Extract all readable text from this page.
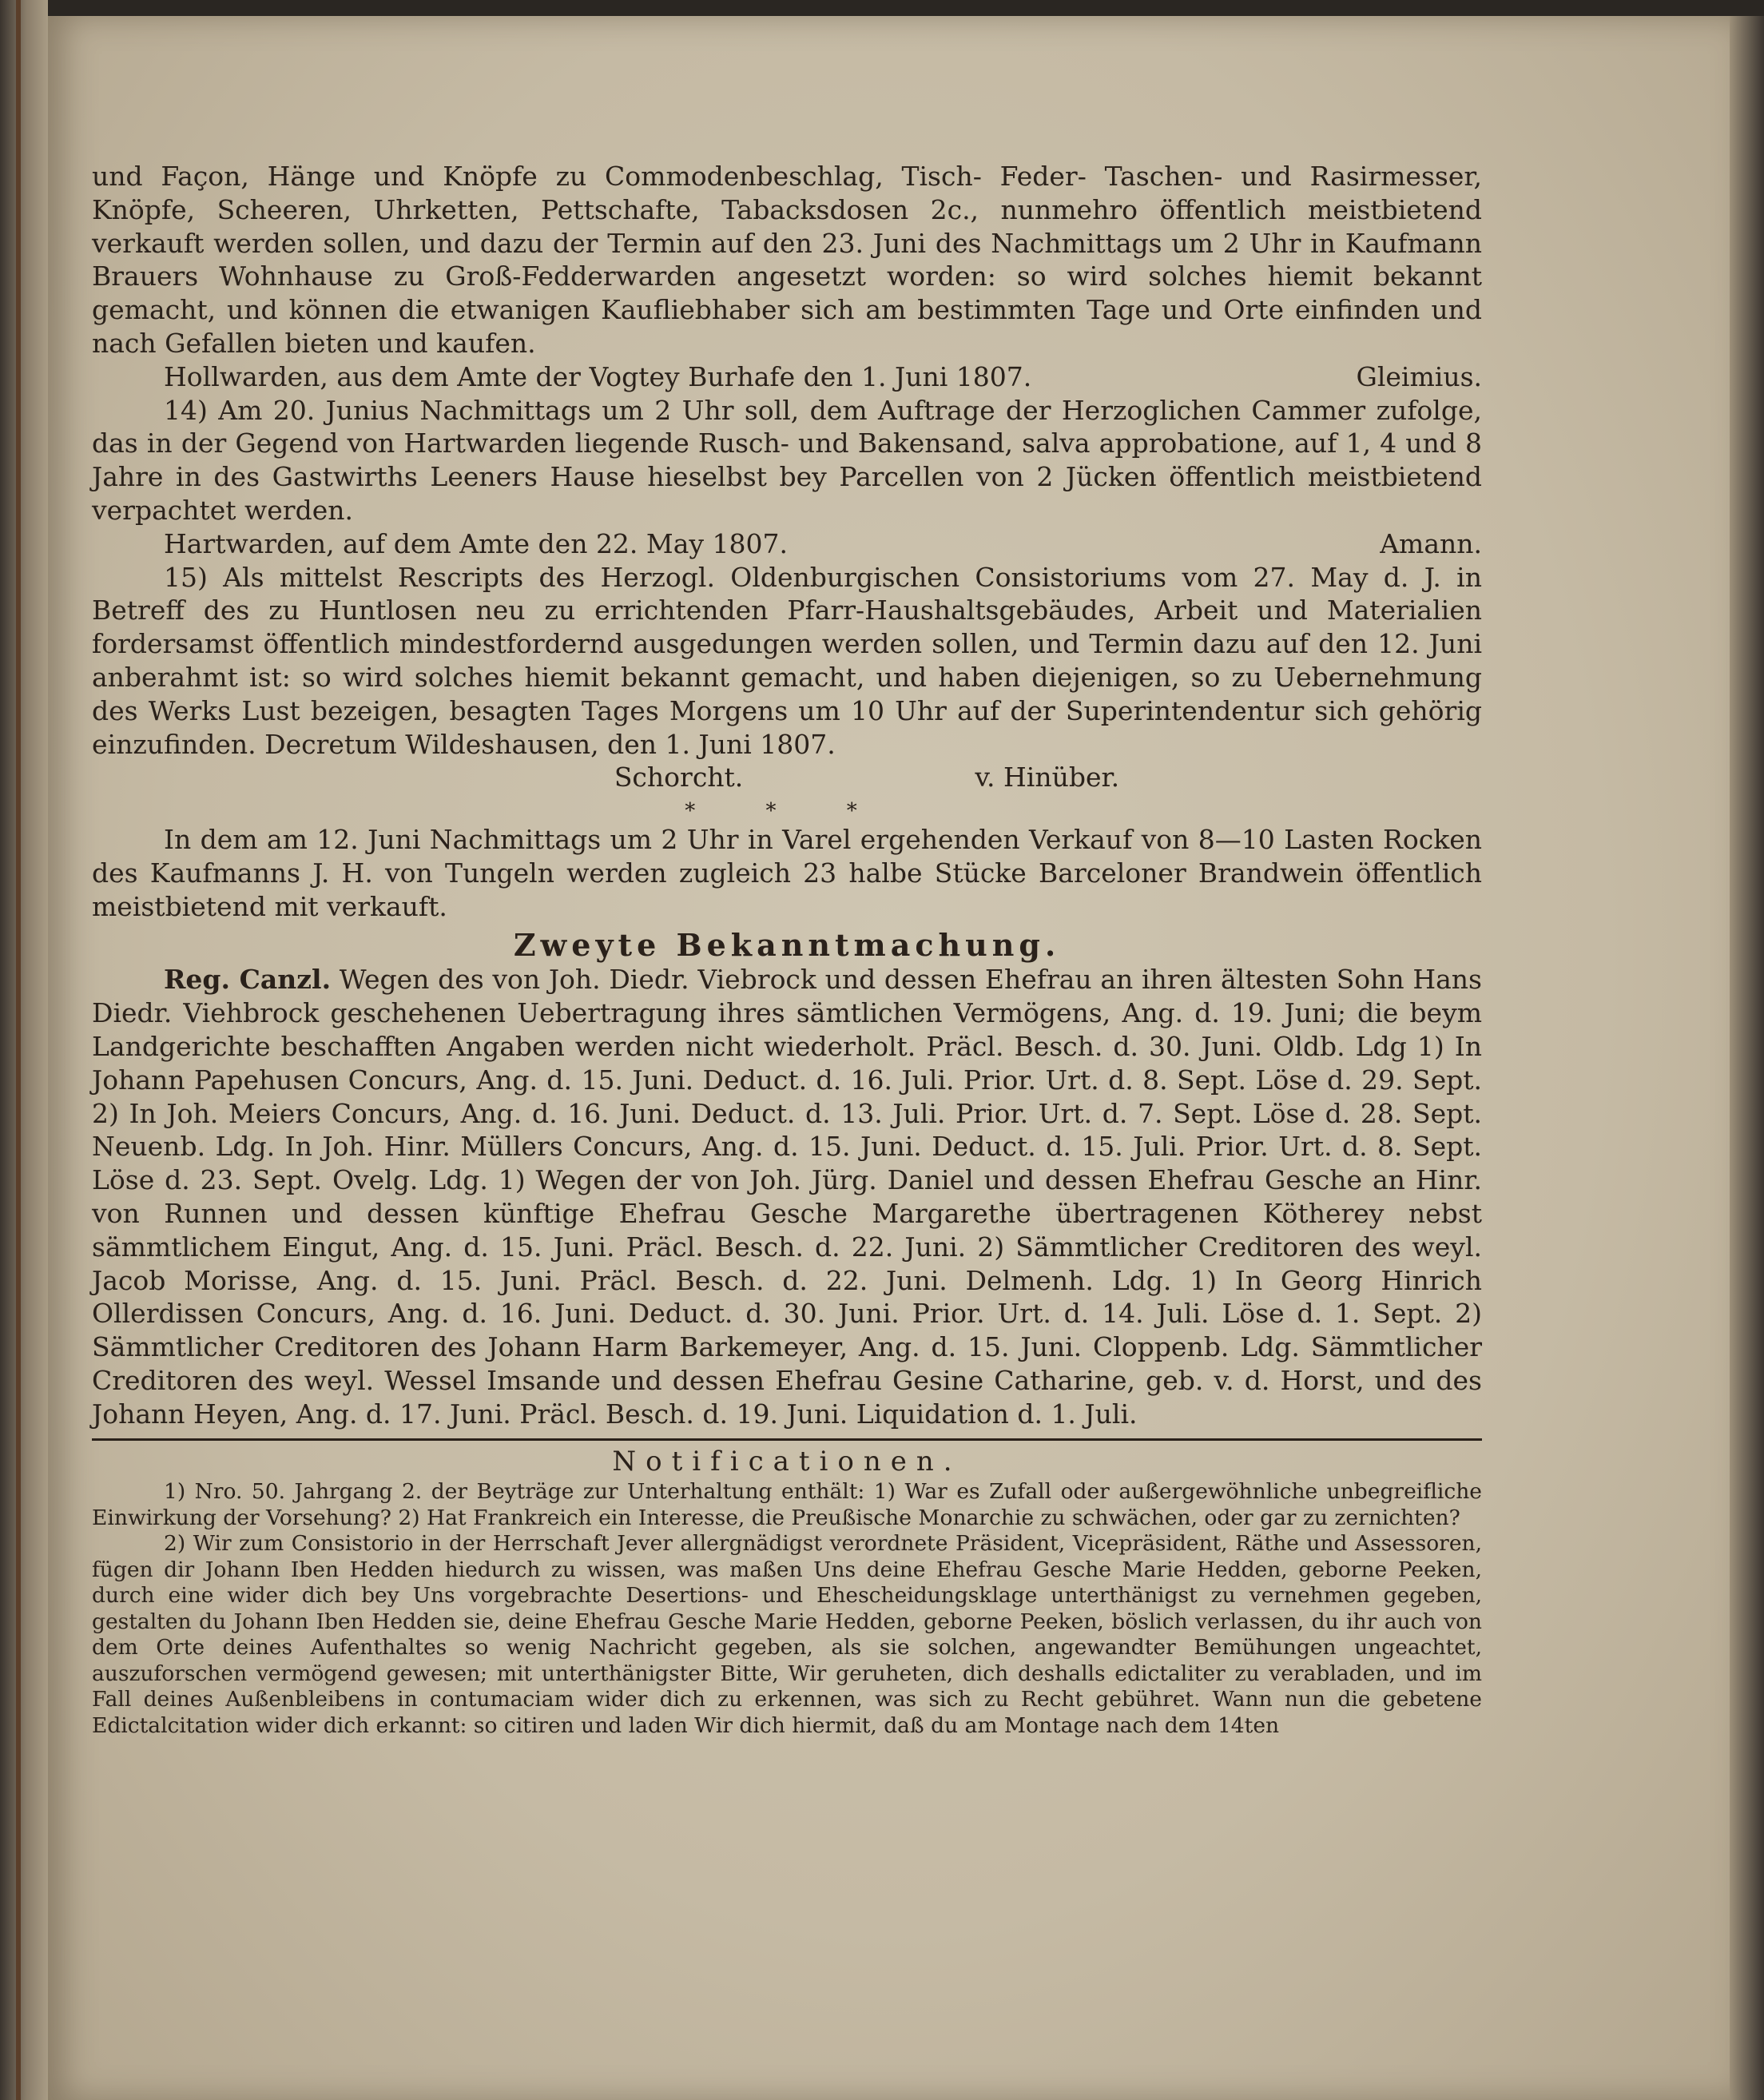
und Façon, Hänge und Knöpfe zu Commodenbeschlag, Tisch- Feder- Taschen- und Rasirmesser, Knöpfe, Scheeren, Uhrketten, Pettschafte, Tabacksdosen 2c., nunmehro öffentlich meistbietend verkauft werden sollen, und dazu der Termin auf den 23. Juni des Nachmittags um 2 Uhr in Kaufmann Brauers Wohnhause zu Groß-Fedderwarden angesetzt worden: so wird solches hiemit bekannt gemacht, und können die etwanigen Kaufliebhaber sich am bestimmten Tage und Orte einfinden und nach Gefallen bieten und kaufen.

Hollwarden, aus dem Amte der Vogtey Burhafe den 1. Juni 1807.	Gleimius.

14) Am 20. Junius Nachmittags um 2 Uhr soll, dem Auftrage der Herzoglichen Cammer zufolge, das in der Gegend von Hartwarden liegende Rusch- und Bakensand, salva approbatione, auf 1, 4 und 8 Jahre in des Gastwirths Leeners Hause hieselbst bey Parcellen von 2 Jücken öffentlich meistbietend verpachtet werden.

Hartwarden, auf dem Amte den 22. May 1807.	Amann.

15) Als mittelst Rescripts des Herzogl. Oldenburgischen Consistoriums vom 27. May d. J. in Betreff des zu Huntlosen neu zu errichtenden Pfarr-Haushaltsgebäudes, Arbeit und Materialien fordersamst öffentlich mindestfordernd ausgedungen werden sollen, und Termin dazu auf den 12. Juni anberahmt ist: so wird solches hiemit bekannt gemacht, und haben diejenigen, so zu Uebernehmung des Werks Lust bezeigen, besagten Tages Morgens um 10 Uhr auf der Superintendentur sich gehörig einzufinden. Decretum Wildeshausen, den 1. Juni 1807.

Schorcht.	v. Hinüber.

* * *

In dem am 12. Juni Nachmittags um 2 Uhr in Varel ergehenden Verkauf von 8—10 Lasten Rocken des Kaufmanns J. H. von Tungeln werden zugleich 23 halbe Stücke Barceloner Brandwein öffentlich meistbietend mit verkauft.

Zweyte Bekanntmachung.

Reg. Canzl. Wegen des von Joh. Diedr. Viebrock und dessen Ehefrau an ihren ältesten Sohn Hans Diedr. Viehbrock geschehenen Uebertragung ihres sämtlichen Vermögens, Ang. d. 19. Juni; die beym Landgerichte beschafften Angaben werden nicht wiederholt. Präcl. Besch. d. 30. Juni. Oldb. Ldg 1) In Johann Papehusen Concurs, Ang. d. 15. Juni. Deduct. d. 16. Juli. Prior. Urt. d. 8. Sept. Löse d. 29. Sept. 2) In Joh. Meiers Concurs, Ang. d. 16. Juni. Deduct. d. 13. Juli. Prior. Urt. d. 7. Sept. Löse d. 28. Sept. Neuenb. Ldg. In Joh. Hinr. Müllers Concurs, Ang. d. 15. Juni. Deduct. d. 15. Juli. Prior. Urt. d. 8. Sept. Löse d. 23. Sept. Ovelg. Ldg. 1) Wegen der von Joh. Jürg. Daniel und dessen Ehefrau Gesche an Hinr. von Runnen und dessen künftige Ehefrau Gesche Margarethe übertragenen Kötherey nebst sämmtlichem Eingut, Ang. d. 15. Juni. Präcl. Besch. d. 22. Juni. 2) Sämmtlicher Creditoren des weyl. Jacob Morisse, Ang. d. 15. Juni. Präcl. Besch. d. 22. Juni. Delmenh. Ldg. 1) In Georg Hinrich Ollerdissen Concurs, Ang. d. 16. Juni. Deduct. d. 30. Juni. Prior. Urt. d. 14. Juli. Löse d. 1. Sept. 2) Sämmtlicher Creditoren des Johann Harm Barkemeyer, Ang. d. 15. Juni. Cloppenb. Ldg. Sämmtlicher Creditoren des weyl. Wessel Imsande und dessen Ehefrau Gesine Catharine, geb. v. d. Horst, und des Johann Heyen, Ang. d. 17. Juni. Präcl. Besch. d. 19. Juni. Liquidation d. 1. Juli.

Notificationen.

1) Nro. 50. Jahrgang 2. der Beyträge zur Unterhaltung enthält: 1) War es Zufall oder außergewöhnliche unbegreifliche Einwirkung der Vorsehung? 2) Hat Frankreich ein Interesse, die Preußische Monarchie zu schwächen, oder gar zu zernichten?

2) Wir zum Consistorio in der Herrschaft Jever allergnädigst verordnete Präsident, Vicepräsident, Räthe und Assessoren, fügen dir Johann Iben Hedden hiedurch zu wissen, was maßen Uns deine Ehefrau Gesche Marie Hedden, geborne Peeken, durch eine wider dich bey Uns vorgebrachte Desertions- und Ehescheidungsklage unterthänigst zu vernehmen gegeben, gestalten du Johann Iben Hedden sie, deine Ehefrau Gesche Marie Hedden, geborne Peeken, böslich verlassen, du ihr auch von dem Orte deines Aufenthaltes so wenig Nachricht gegeben, als sie solchen, angewandter Bemühungen ungeachtet, auszuforschen vermögend gewesen; mit unterthänigster Bitte, Wir geruheten, dich deshalls edictaliter zu verabladen, und im Fall deines Außenbleibens in contumaciam wider dich zu erkennen, was sich zu Recht gebühret. Wann nun die gebetene Edictalcitation wider dich erkannt: so citiren und laden Wir dich hiermit, daß du am Montage nach dem 14ten
